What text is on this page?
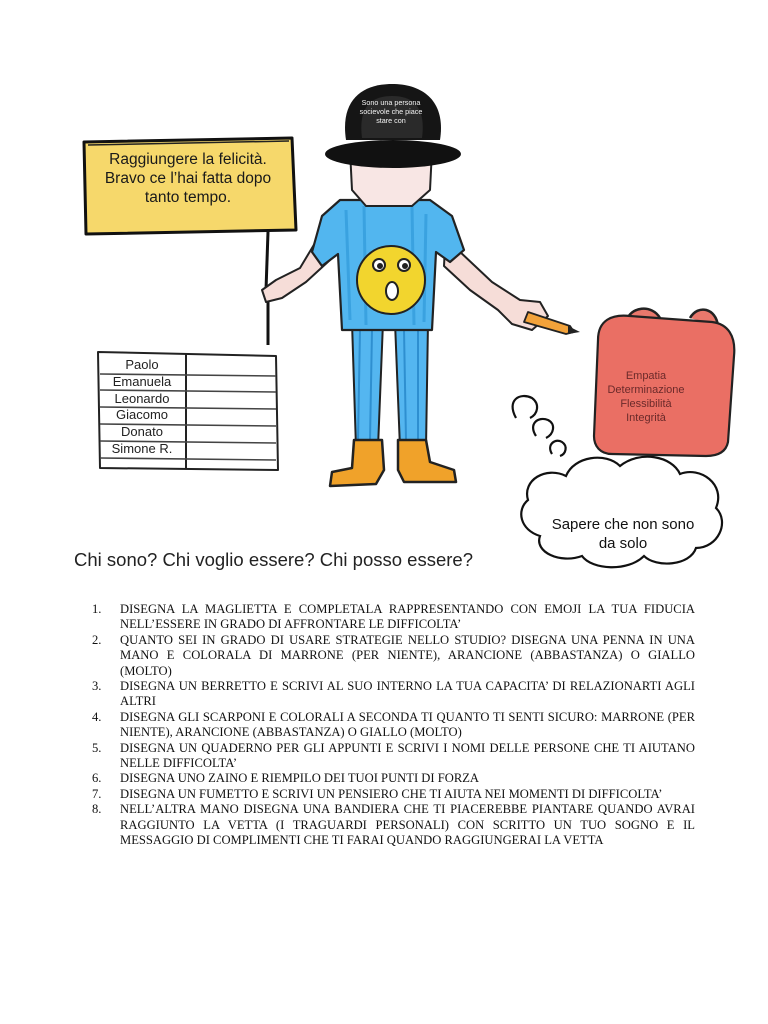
Raggiungere la felicità. Bravo ce l’hai fatta dopo tanto tempo.
Sono una persona socievole che piace stare con
Paolo
Emanuela
Leonardo
Giacomo
Donato
Simone R.
Empatia
Determinazione
Flessibilità
Integrità
Sapere che non sono da solo
Chi sono? Chi voglio essere? Chi posso essere?
1.	DISEGNA LA MAGLIETTA E COMPLETALA RAPPRESENTANDO CON EMOJI LA TUA FIDUCIA NELL’ESSERE IN GRADO DI AFFRONTARE LE DIFFICOLTA’
2.	QUANTO SEI IN GRADO DI USARE STRATEGIE NELLO STUDIO? DISEGNA UNA PENNA IN UNA MANO E COLORALA DI MARRONE (PER NIENTE), ARANCIONE (ABBASTANZA) O GIALLO (MOLTO)
3.	DISEGNA UN BERRETTO E SCRIVI AL SUO INTERNO LA TUA CAPACITA’ DI RELAZIONARTI AGLI ALTRI
4.	DISEGNA GLI SCARPONI E COLORALI A SECONDA TI QUANTO TI SENTI SICURO: MARRONE (PER NIENTE), ARANCIONE (ABBASTANZA) O GIALLO (MOLTO)
5.	DISEGNA UN QUADERNO PER GLI APPUNTI E SCRIVI I NOMI DELLE PERSONE CHE TI AIUTANO NELLE DIFFICOLTA’
6.	DISEGNA UNO ZAINO E RIEMPILO DEI TUOI PUNTI DI FORZA
7.	DISEGNA UN FUMETTO E SCRIVI UN PENSIERO CHE TI AIUTA NEI MOMENTI DI DIFFICOLTA’
8.	NELL’ALTRA MANO DISEGNA UNA BANDIERA CHE TI PIACEREBBE PIANTARE QUANDO AVRAI RAGGIUNTO LA VETTA (I TRAGUARDI PERSONALI) CON SCRITTO UN TUO SOGNO E IL MESSAGGIO DI COMPLIMENTI CHE TI FARAI QUANDO RAGGIUNGERAI LA VETTA
